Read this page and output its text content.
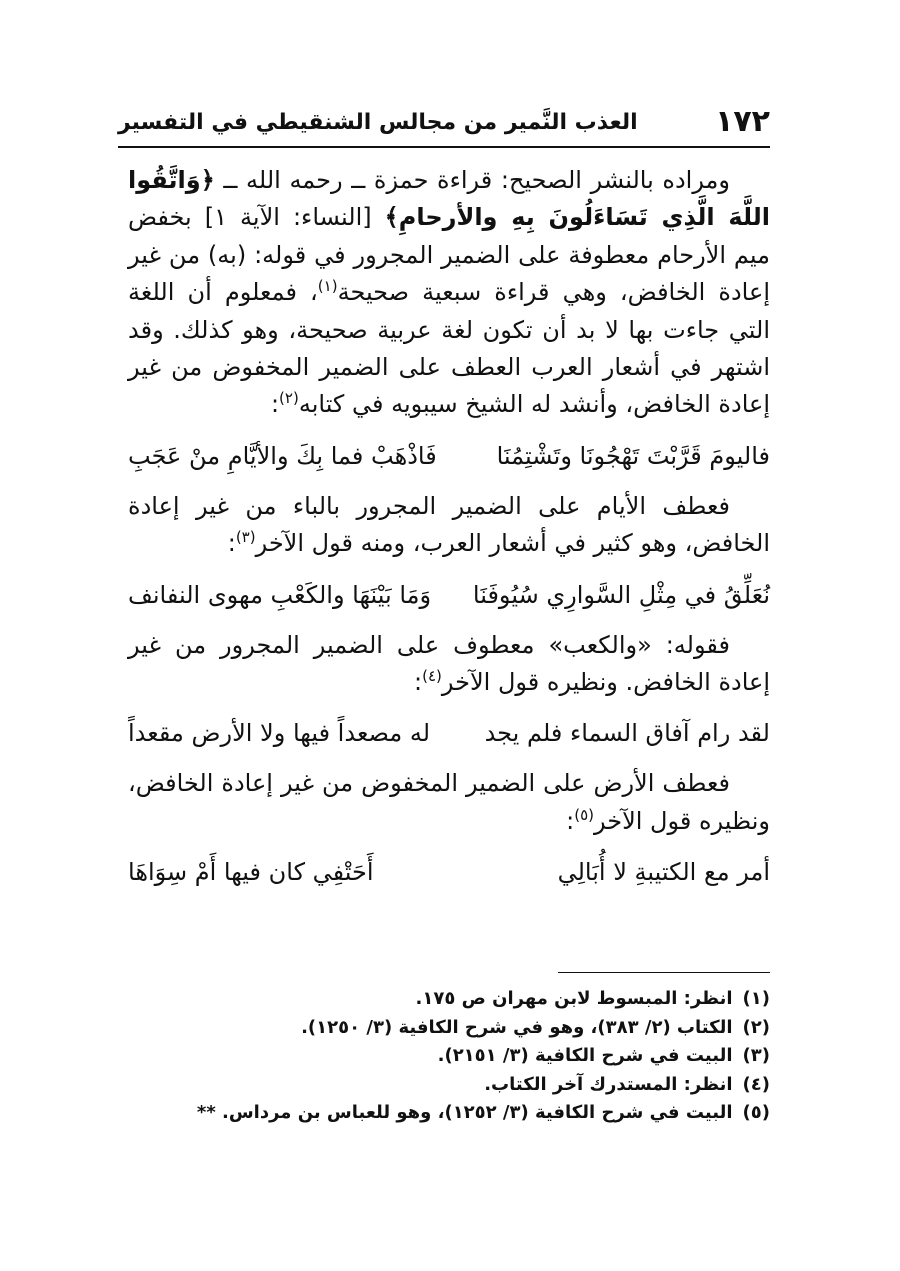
١٧٢
العذب النَّمير من مجالس الشنقيطي في التفسير

ومراده بالنشر الصحيح: قراءة حمزة ــ رحمه الله ــ ﴿وَاتَّقُوا اللَّهَ الَّذِي تَسَاءَلُونَ بِهِ والأرحامِ﴾ [النساء: الآية ١] بخفض ميم الأرحام معطوفة على الضمير المجرور في قوله: (به) من غير إعادة الخافض، وهي قراءة سبعية صحيحة$^{(١)}$، فمعلوم أن اللغة التي جاءت بها لا بد أن تكون لغة عربية صحيحة، وهو كذلك. وقد اشتهر في أشعار العرب العطف على الضمير المخفوض من غير إعادة الخافض، وأنشد له الشيخ سيبويه في كتابه$^{(٢)}$:

فاليومَ قَرَّبْتَ تَهْجُونَا وتَشْتِمُنَا
فَاذْهَبْ فما بِكَ والأيَّامِ منْ عَجَبِ

فعطف الأيام على الضمير المجرور بالباء من غير إعادة الخافض، وهو كثير في أشعار العرب، ومنه قول الآخر$^{(٣)}$:

نُعَلِّقُ في مِثْلِ السَّوارِي سُيُوفَنَا
وَمَا بَيْنَهَا والكَعْبِ مهوى النفانف

فقوله: «والكعب» معطوف على الضمير المجرور من غير إعادة الخافض. ونظيره قول الآخر$^{(٤)}$:

لقد رام آفاق السماء فلم يجد
له مصعداً فيها ولا الأرض مقعداً

فعطف الأرض على الضمير المخفوض من غير إعادة الخافض، ونظيره قول الآخر$^{(٥)}$:

أمر مع الكتيبةِ لا أُبَالِي
أَحَتْفِي كان فيها أَمْ سِوَاهَا
(١)انظر: المبسوط لابن مهران ص ١٧٥.
(٢)الكتاب (٢/ ٣٨٣)، وهو في شرح الكافية (٣/ ١٢٥٠).
(٣)البيت في شرح الكافية (٣/ ٢١٥١).
(٤)انظر: المستدرك آخر الكتاب.
(٥)البيت في شرح الكافية (٣/ ١٢٥٢)، وهو للعباس بن مرداس. **
